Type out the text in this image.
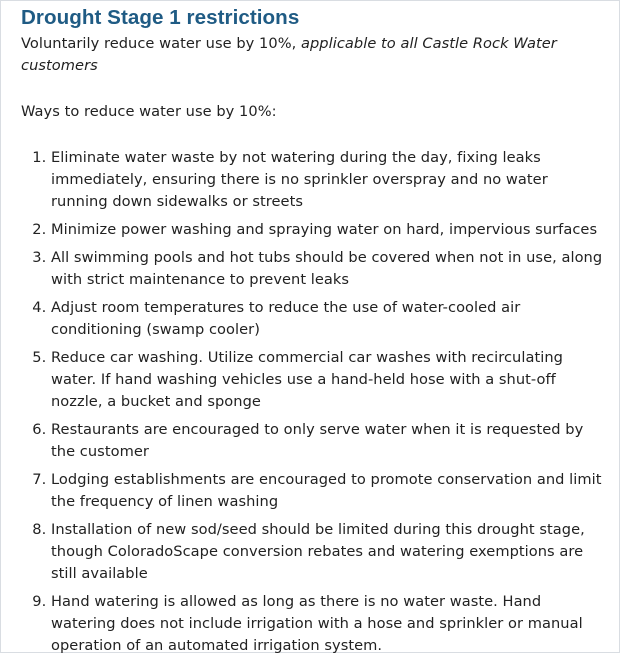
Drought Stage 1 restrictions

Voluntarily reduce water use by 10%, applicable to all Castle Rock Water customers

Ways to reduce water use by 10%:

1. Eliminate water waste by not watering during the day, fixing leaks immediately, ensuring there is no sprinkler overspray and no water running down sidewalks or streets
2. Minimize power washing and spraying water on hard, impervious surfaces
3. All swimming pools and hot tubs should be covered when not in use, along with strict maintenance to prevent leaks
4. Adjust room temperatures to reduce the use of water-cooled air conditioning (swamp cooler)
5. Reduce car washing. Utilize commercial car washes with recirculating water. If hand washing vehicles use a hand-held hose with a shut-off nozzle, a bucket and sponge
6. Restaurants are encouraged to only serve water when it is requested by the customer
7. Lodging establishments are encouraged to promote conservation and limit the frequency of linen washing
8. Installation of new sod/seed should be limited during this drought stage, though ColoradoScape conversion rebates and watering exemptions are still available
9. Hand watering is allowed as long as there is no water waste. Hand watering does not include irrigation with a hose and sprinkler or manual operation of an automated irrigation system.
